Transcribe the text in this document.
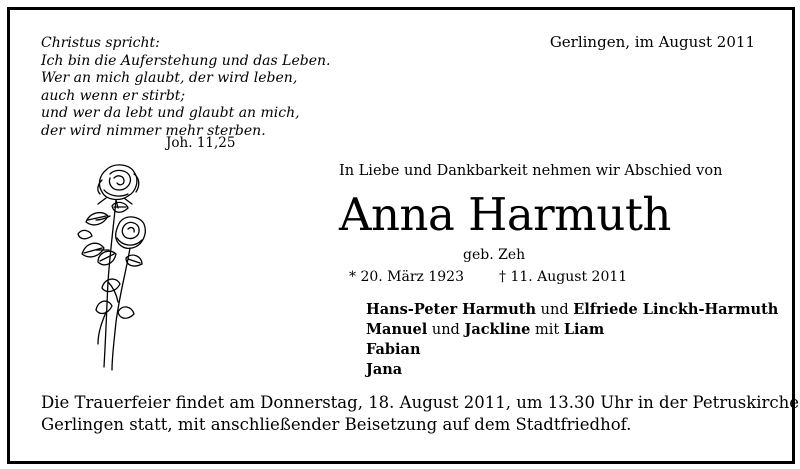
Christus spricht:
Ich bin die Auferstehung und das Leben.
Wer an mich glaubt, der wird leben,
auch wenn er stirbt;
und wer da lebt und glaubt an mich,
der wird nimmer mehr sterben.
Joh. 11,25
Gerlingen, im August 2011
In Liebe und Dankbarkeit nehmen wir Abschied von
Anna Harmuth
geb. Zeh
* 20. März 1923	† 11. August 2011
Hans-Peter Harmuth und Elfriede Linckh-Harmuth
Manuel und Jackline mit Liam
Fabian
Jana
Die Trauerfeier findet am Donnerstag, 18. August 2011, um 13.30 Uhr in der Petruskirche
Gerlingen statt, mit anschließender Beisetzung auf dem Stadtfriedhof.
